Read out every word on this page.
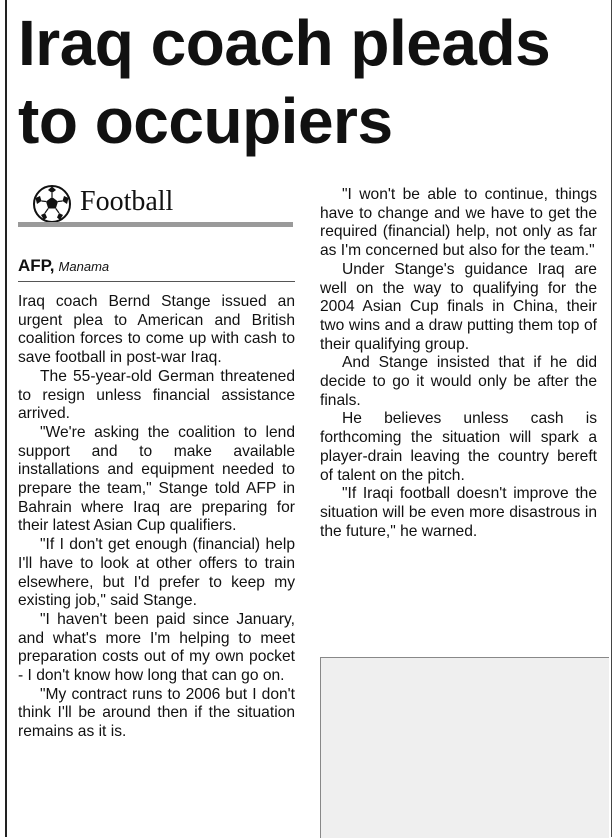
Iraq coach pleads to occupiers
Football
AFP, Manama

Iraq coach Bernd Stange issued an urgent plea to American and British coalition forces to come up with cash to save football in post-war Iraq.

The 55-year-old German threatened to resign unless financial assistance arrived.

"We're asking the coalition to lend support and to make available installations and equipment needed to prepare the team," Stange told AFP in Bahrain where Iraq are preparing for their latest Asian Cup qualifiers.

"If I don't get enough (financial) help I'll have to look at other offers to train elsewhere, but I'd prefer to keep my existing job," said Stange.

"I haven't been paid since January, and what's more I'm helping to meet preparation costs out of my own pocket - I don't know how long that can go on.

"My contract runs to 2006 but I don't think I'll be around then if the situation remains as it is.

"I won't be able to continue, things have to change and we have to get the required (financial) help, not only as far as I'm concerned but also for the team."

Under Stange's guidance Iraq are well on the way to qualifying for the 2004 Asian Cup finals in China, their two wins and a draw putting them top of their qualifying group.

And Stange insisted that if he did decide to go it would only be after the finals.

He believes unless cash is forthcoming the situation will spark a player-drain leaving the country bereft of talent on the pitch.

"If Iraqi football doesn't improve the situation will be even more disastrous in the future," he warned.
